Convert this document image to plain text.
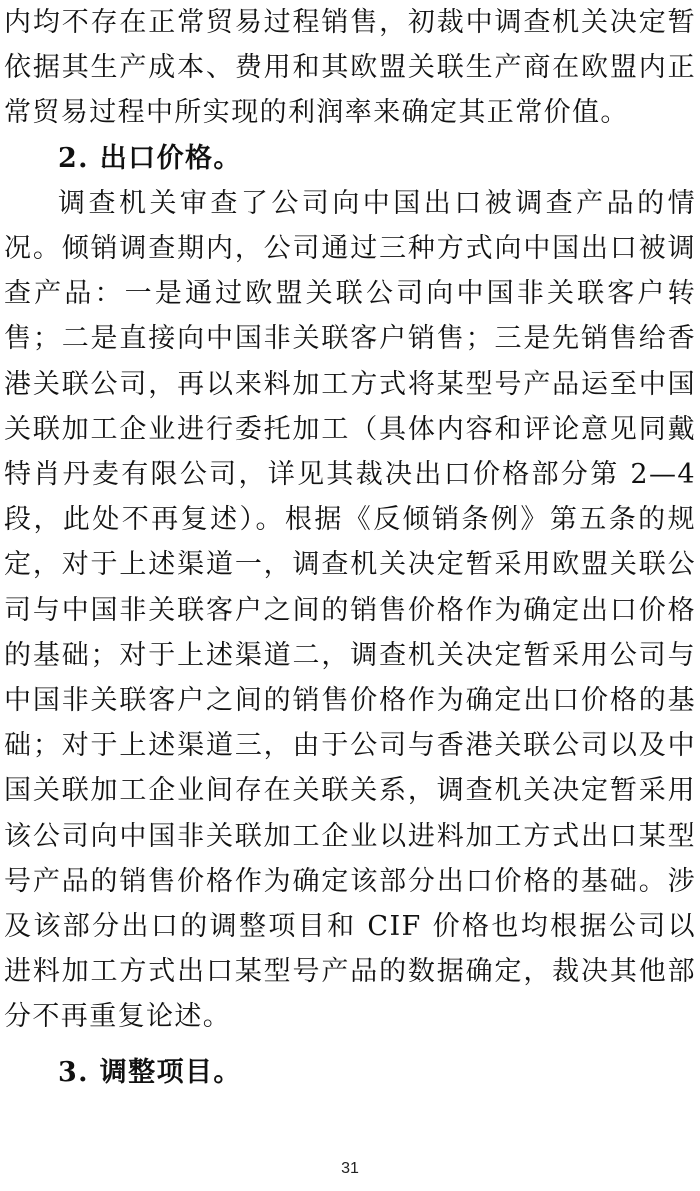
内均不存在正常贸易过程销售，初裁中调查机关决定暂依据其生产成本、费用和其欧盟关联生产商在欧盟内正常贸易过程中所实现的利润率来确定其正常价值。

2. 出口价格。

调查机关审查了公司向中国出口被调查产品的情况。倾销调查期内，公司通过三种方式向中国出口被调查产品：一是通过欧盟关联公司向中国非关联客户转售；二是直接向中国非关联客户销售；三是先销售给香港关联公司，再以来料加工方式将某型号产品运至中国关联加工企业进行委托加工（具体内容和评论意见同戴特肖丹麦有限公司，详见其裁决出口价格部分第 2—4 段，此处不再复述）。根据《反倾销条例》第五条的规定，对于上述渠道一，调查机关决定暂采用欧盟关联公司与中国非关联客户之间的销售价格作为确定出口价格的基础；对于上述渠道二，调查机关决定暂采用公司与中国非关联客户之间的销售价格作为确定出口价格的基础；对于上述渠道三，由于公司与香港关联公司以及中国关联加工企业间存在关联关系，调查机关决定暂采用该公司向中国非关联加工企业以进料加工方式出口某型号产品的销售价格作为确定该部分出口价格的基础。涉及该部分出口的调整项目和 CIF 价格也均根据公司以进料加工方式出口某型号产品的数据确定，裁决其他部分不再重复论述。

3. 调整项目。

31
